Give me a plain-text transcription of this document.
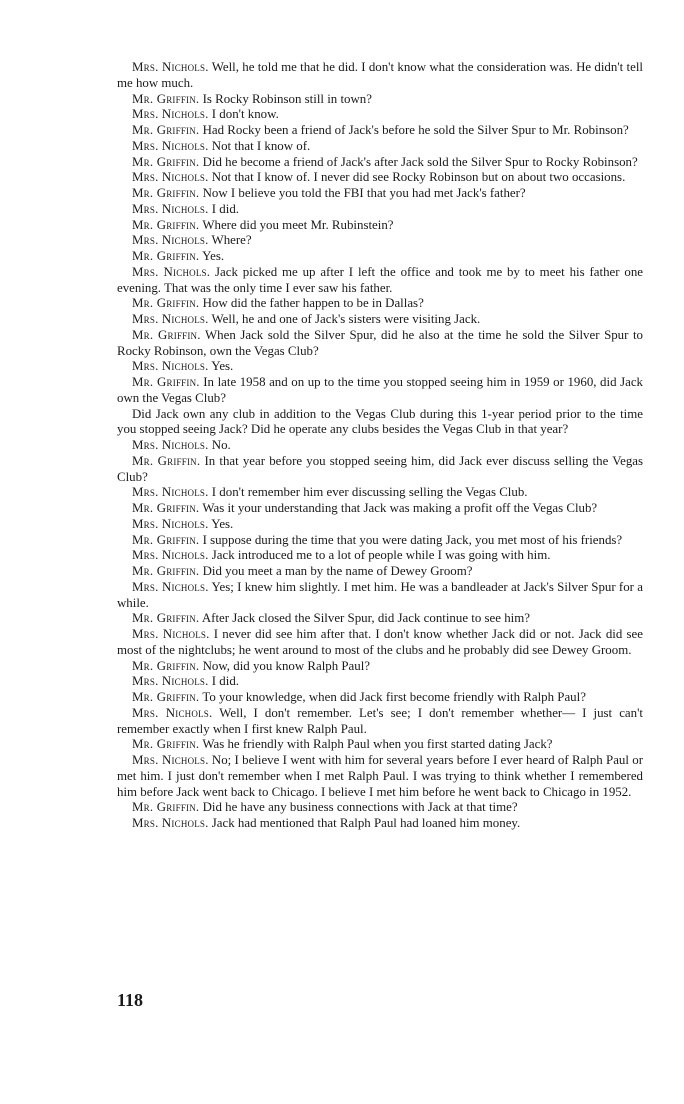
Mrs. Nichols. Well, he told me that he did. I don't know what the consideration was. He didn't tell me how much.

Mr. Griffin. Is Rocky Robinson still in town?

Mrs. Nichols. I don't know.

Mr. Griffin. Had Rocky been a friend of Jack's before he sold the Silver Spur to Mr. Robinson?

Mrs. Nichols. Not that I know of.

Mr. Griffin. Did he become a friend of Jack's after Jack sold the Silver Spur to Rocky Robinson?

Mrs. Nichols. Not that I know of. I never did see Rocky Robinson but on about two occasions.

Mr. Griffin. Now I believe you told the FBI that you had met Jack's father?

Mrs. Nichols. I did.

Mr. Griffin. Where did you meet Mr. Rubinstein?

Mrs. Nichols. Where?

Mr. Griffin. Yes.

Mrs. Nichols. Jack picked me up after I left the office and took me by to meet his father one evening. That was the only time I ever saw his father.

Mr. Griffin. How did the father happen to be in Dallas?

Mrs. Nichols. Well, he and one of Jack's sisters were visiting Jack.

Mr. Griffin. When Jack sold the Silver Spur, did he also at the time he sold the Silver Spur to Rocky Robinson, own the Vegas Club?

Mrs. Nichols. Yes.

Mr. Griffin. In late 1958 and on up to the time you stopped seeing him in 1959 or 1960, did Jack own the Vegas Club?

Did Jack own any club in addition to the Vegas Club during this 1-year period prior to the time you stopped seeing Jack? Did he operate any clubs besides the Vegas Club in that year?

Mrs. Nichols. No.

Mr. Griffin. In that year before you stopped seeing him, did Jack ever discuss selling the Vegas Club?

Mrs. Nichols. I don't remember him ever discussing selling the Vegas Club.

Mr. Griffin. Was it your understanding that Jack was making a profit off the Vegas Club?

Mrs. Nichols. Yes.

Mr. Griffin. I suppose during the time that you were dating Jack, you met most of his friends?

Mrs. Nichols. Jack introduced me to a lot of people while I was going with him.

Mr. Griffin. Did you meet a man by the name of Dewey Groom?

Mrs. Nichols. Yes; I knew him slightly. I met him. He was a bandleader at Jack's Silver Spur for a while.

Mr. Griffin. After Jack closed the Silver Spur, did Jack continue to see him?

Mrs. Nichols. I never did see him after that. I don't know whether Jack did or not. Jack did see most of the nightclubs; he went around to most of the clubs and he probably did see Dewey Groom.

Mr. Griffin. Now, did you know Ralph Paul?

Mrs. Nichols. I did.

Mr. Griffin. To your knowledge, when did Jack first become friendly with Ralph Paul?

Mrs. Nichols. Well, I don't remember. Let's see; I don't remember whether— I just can't remember exactly when I first knew Ralph Paul.

Mr. Griffin. Was he friendly with Ralph Paul when you first started dating Jack?

Mrs. Nichols. No; I believe I went with him for several years before I ever heard of Ralph Paul or met him. I just don't remember when I met Ralph Paul. I was trying to think whether I remembered him before Jack went back to Chicago. I believe I met him before he went back to Chicago in 1952.

Mr. Griffin. Did he have any business connections with Jack at that time?

Mrs. Nichols. Jack had mentioned that Ralph Paul had loaned him money.

118
